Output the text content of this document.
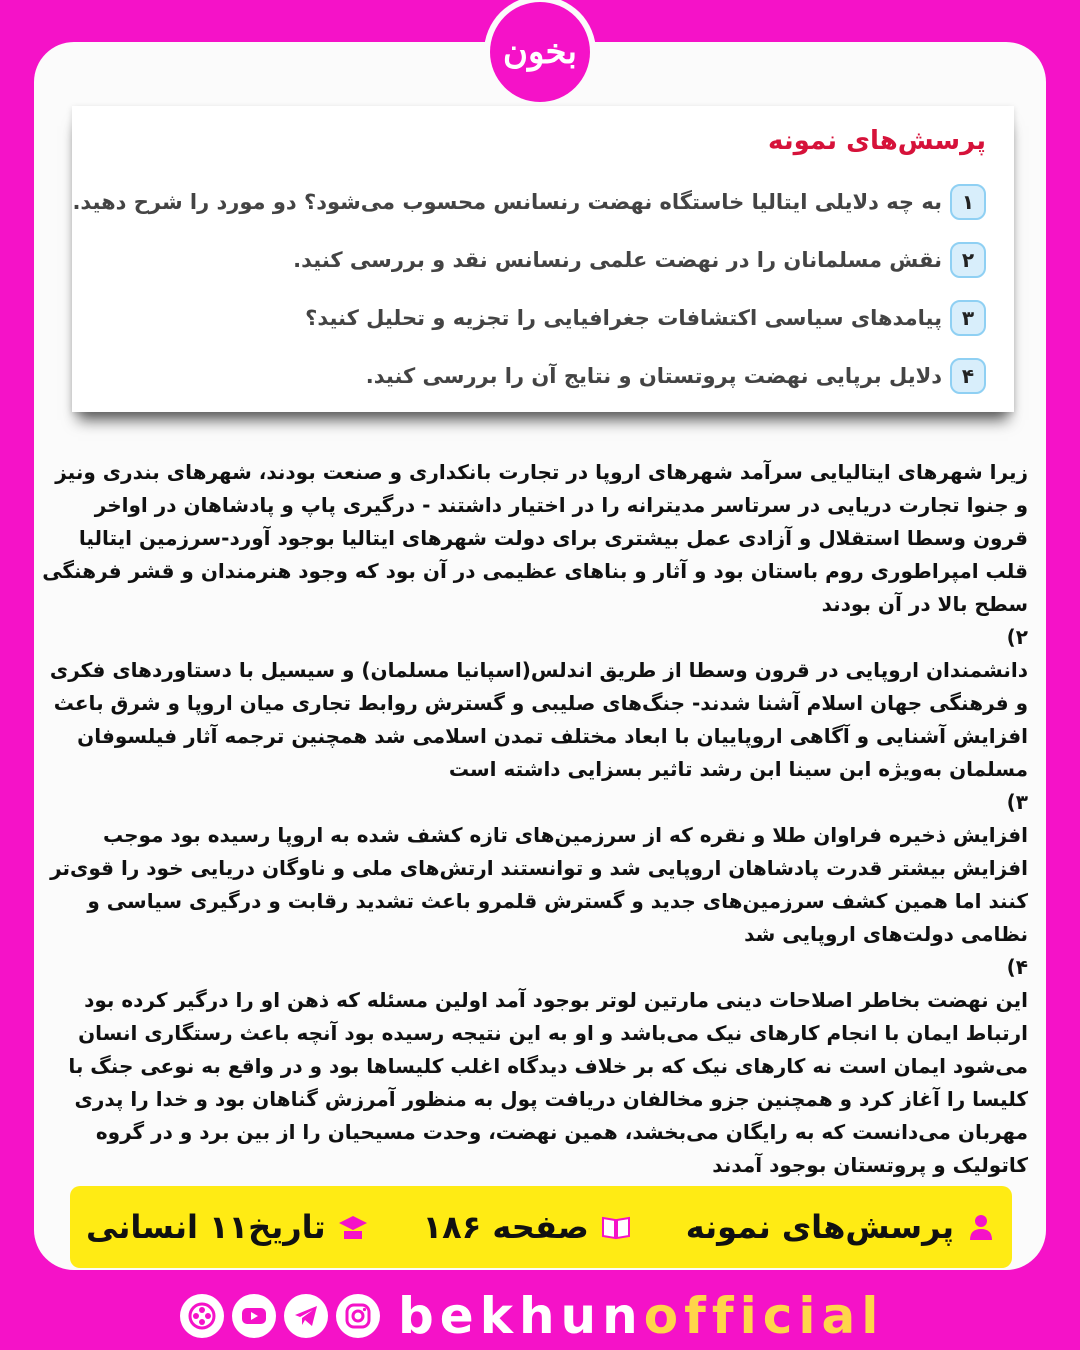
بخون
پرسش‌های نمونه
۱
به چه دلایلی ایتالیا خاستگاه نهضت رنسانس محسوب می‌شود؟ دو مورد را شرح دهید.
۲
نقش مسلمانان را در نهضت علمی رنسانس نقد و بررسی کنید.
۳
پیامدهای سیاسی اکتشافات جغرافیایی را تجزیه و تحلیل کنید؟
۴
دلایل برپایی نهضت پروتستان و نتایج آن را بررسی کنید.

زیرا شهرهای ایتالیایی سرآمد شهرهای اروپا در تجارت بانکداری و صنعت بودند، شهرهای بندری ونیز و جنوا تجارت دریایی در سرتاسر مدیترانه را در اختیار داشتند - درگیری پاپ و پادشاهان در اواخر قرون وسطا استقلال و آزادی عمل بیشتری برای دولت شهرهای ایتالیا بوجود آورد-سرزمین ایتالیا قلب امپراطوری روم باستان بود و آثار و بناهای عظیمی در آن بود که وجود هنرمندان و قشر فرهنگی سطح بالا در آن بودند

۲)

دانشمندان اروپایی در قرون وسطا از طریق اندلس(اسپانیا مسلمان) و سیسیل با دستاوردهای فکری و فرهنگی جهان اسلام آشنا شدند- جنگ‌های صلیبی و گسترش روابط تجاری میان اروپا و شرق باعث افزایش آشنایی و آگاهی اروپاییان با ابعاد مختلف تمدن اسلامی شد همچنین ترجمه آثار فیلسوفان مسلمان به‌ویژه ابن سینا ابن رشد تاثیر بسزایی داشته است

۳)

افزایش ذخیره فراوان طلا و نقره که از سرزمین‌های تازه کشف شده به اروپا رسیده بود موجب افزایش بیشتر قدرت پادشاهان اروپایی شد و توانستند ارتش‌های ملی و ناوگان دریایی خود را قوی‌تر کنند اما همین کشف سرزمین‌های جدید و گسترش قلمرو باعث تشدید رقابت و درگیری سیاسی و نظامی دولت‌های اروپایی شد

۴)

این نهضت بخاطر اصلاحات دینی مارتین لوتر بوجود آمد اولین مسئله که ذهن او را درگیر کرده بود ارتباط ایمان با انجام کارهای نیک می‌باشد و او به این نتیجه رسیده بود آنچه باعث رستگاری انسان می‌شود ایمان است نه کارهای نیک که بر خلاف دیدگاه اغلب کلیساها بود و در واقع به نوعی جنگ با کلیسا را آغاز کرد و همچنین جزو مخالفان دریافت پول به منظور آمرزش گناهان بود و خدا را پدری مهربان می‌دانست که به رایگان می‌بخشد، همین نهضت، وحدت مسیحیان را از بین برد و در گروه کاتولیک و پروتستان بوجود آمدند

پرسش‌های نمونه
صفحه ۱۸۶
تاریخ۱۱ انسانی
bekhunofficial
